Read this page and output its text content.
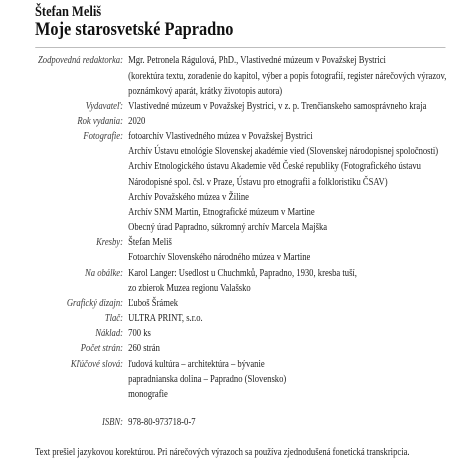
Štefan Meliš
Moje starosvetské Papradno
Zodpovedná redaktorka: Mgr. Petronela Rágulová, PhD., Vlastivedné múzeum v Považskej Bystrici
(korektúra textu, zoradenie do kapitol, výber a popis fotografií, register nárečových výrazov,
poznámkový aparát, krátky životopis autora)
Vydavateľ: Vlastivedné múzeum v Považskej Bystrici, v z. p. Trenčianskeho samosprávneho kraja
Rok vydania: 2020
Fotografie: fotoarchív Vlastivedného múzea v Považskej Bystrici
Archív Ústavu etnológie Slovenskej akadémie vied (Slovenskej národopisnej spoločnosti)
Archiv Etnologického ústavu Akademie věd České republiky (Fotografického ústavu
Národopisné spol. čsl. v Praze, Ústavu pro etnografii a folkloristiku ČSAV)
Archív Považského múzea v Žiline
Archív SNM Martin, Etnografické múzeum v Martine
Obecný úrad Papradno, súkromný archív Marcela Majška
Kresby: Štefan Meliš
Fotoarchív Slovenského národného múzea v Martine
Na obálke: Karol Langer: Usedlost u Chuchmků, Papradno, 1930, kresba tuší,
zo zbierok Muzea regionu Valašsko
Grafický dizajn: Ľuboš Šrámek
Tlač: ULTRA PRINT, s.r.o.
Náklad: 700 ks
Počet strán: 260 strán
Kľúčové slová: ľudová kultúra – architektúra – bývanie
papradnianska dolina – Papradno (Slovensko)
monografie
ISBN: 978-80-973718-0-7
Text prešiel jazykovou korektúrou. Pri nárečových výrazoch sa používa zjednodušená fonetická transkripcia.
